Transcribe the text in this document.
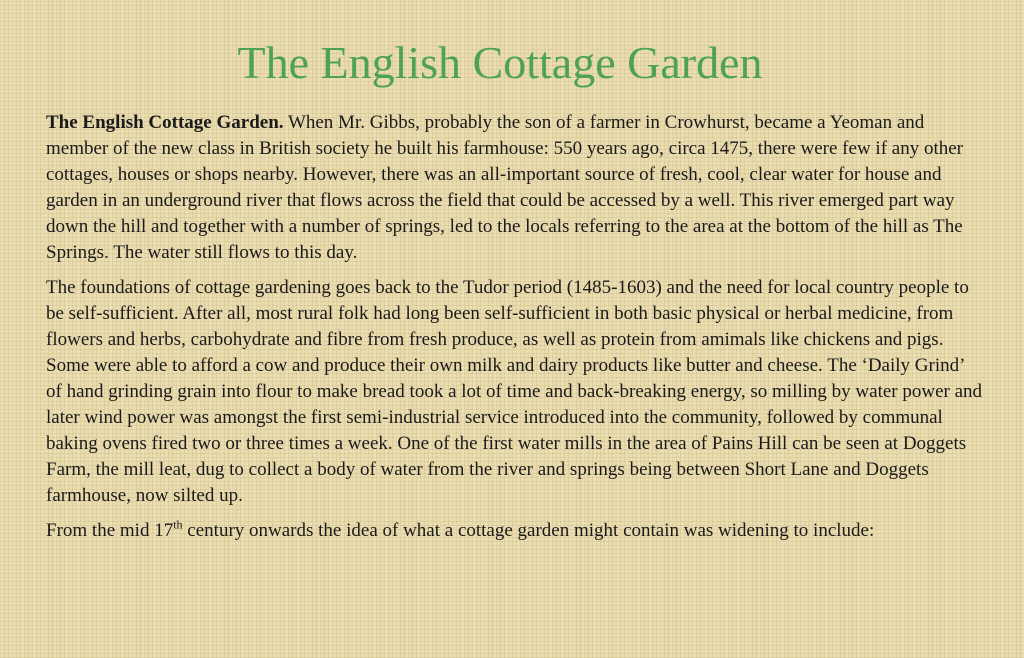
The English Cottage Garden

The English Cottage Garden. When Mr. Gibbs, probably the son of a farmer in Crowhurst, became a Yeoman and member of the new class in British society he built his farmhouse: 550 years ago, circa 1475, there were few if any other cottages, houses or shops nearby. However, there was an all-important source of fresh, cool, clear water for house and garden in an underground river that flows across the field that could be accessed by a well. This river emerged part way down the hill and together with a number of springs, led to the locals referring to the area at the bottom of the hill as The Springs. The water still flows to this day.

The foundations of cottage gardening goes back to the Tudor period (1485-1603) and the need for local country people to be self-sufficient. After all, most rural folk had long been self-sufficient in both basic physical or herbal medicine, from flowers and herbs, carbohydrate and fibre from fresh produce, as well as protein from amimals like chickens and pigs. Some were able to afford a cow and produce their own milk and dairy products like butter and cheese. The ‘Daily Grind’ of hand grinding grain into flour to make bread took a lot of time and back-breaking energy, so milling by water power and later wind power was amongst the first semi-industrial service introduced into the community, followed by communal baking ovens fired two or three times a week. One of the first water mills in the area of Pains Hill can be seen at Doggets Farm, the mill leat, dug to collect a body of water from the river and springs being between Short Lane and Doggets farmhouse, now silted up.

From the mid 17th century onwards the idea of what a cottage garden might contain was widening to include:
